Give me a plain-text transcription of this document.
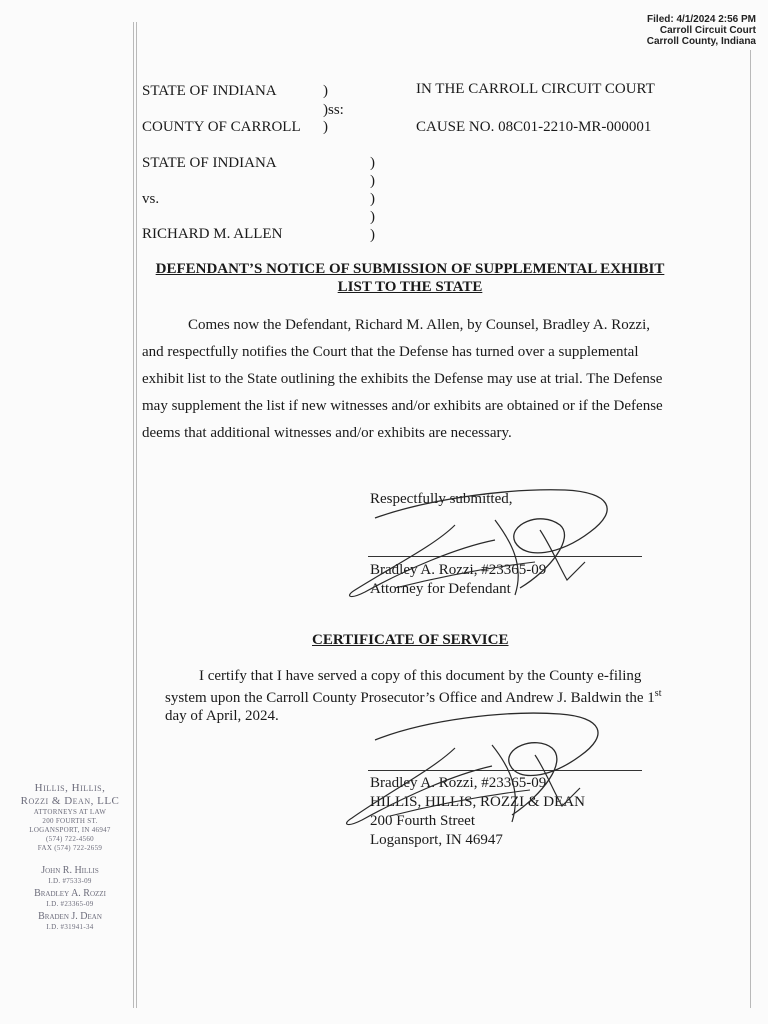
Filed: 4/1/2024 2:56 PM
Carroll Circuit Court
Carroll County, Indiana
STATE OF INDIANA	)
)ss:
COUNTY OF CARROLL )
IN THE CARROLL CIRCUIT COURT
CAUSE NO. 08C01-2210-MR-000001
STATE OF INDIANA
vs.
RICHARD M. ALLEN
)
)
)
)
)
DEFENDANT’S NOTICE OF SUBMISSION OF SUPPLEMENTAL EXHIBIT
LIST TO THE STATE
Comes now the Defendant, Richard M. Allen, by Counsel, Bradley A. Rozzi,
and respectfully notifies the Court that the Defense has turned over a supplemental
exhibit list to the State outlining the exhibits the Defense may use at trial. The Defense
may supplement the list if new witnesses and/or exhibits are obtained or if the Defense
deems that additional witnesses and/or exhibits are necessary.
Respectfully submitted,
Bradley A. Rozzi, #23365-09
Attorney for Defendant
CERTIFICATE OF SERVICE
I certify that I have served a copy of this document by the County e-filing
system upon the Carroll County Prosecutor’s Office and Andrew J. Baldwin the 1st
day of April, 2024.
Bradley A. Rozzi, #23365-09
HILLIS, HILLIS, ROZZI & DEAN
200 Fourth Street
Logansport, IN 46947
Hillis, Hillis,
Rozzi & Dean, LLC
ATTORNEYS AT LAW
200 FOURTH ST.
LOGANSPORT, IN 46947
(574) 722-4560
FAX (574) 722-2659
John R. Hillis
I.D. #7533-09
Bradley A. Rozzi
I.D. #23365-09
Braden J. Dean
I.D. #31941-34
